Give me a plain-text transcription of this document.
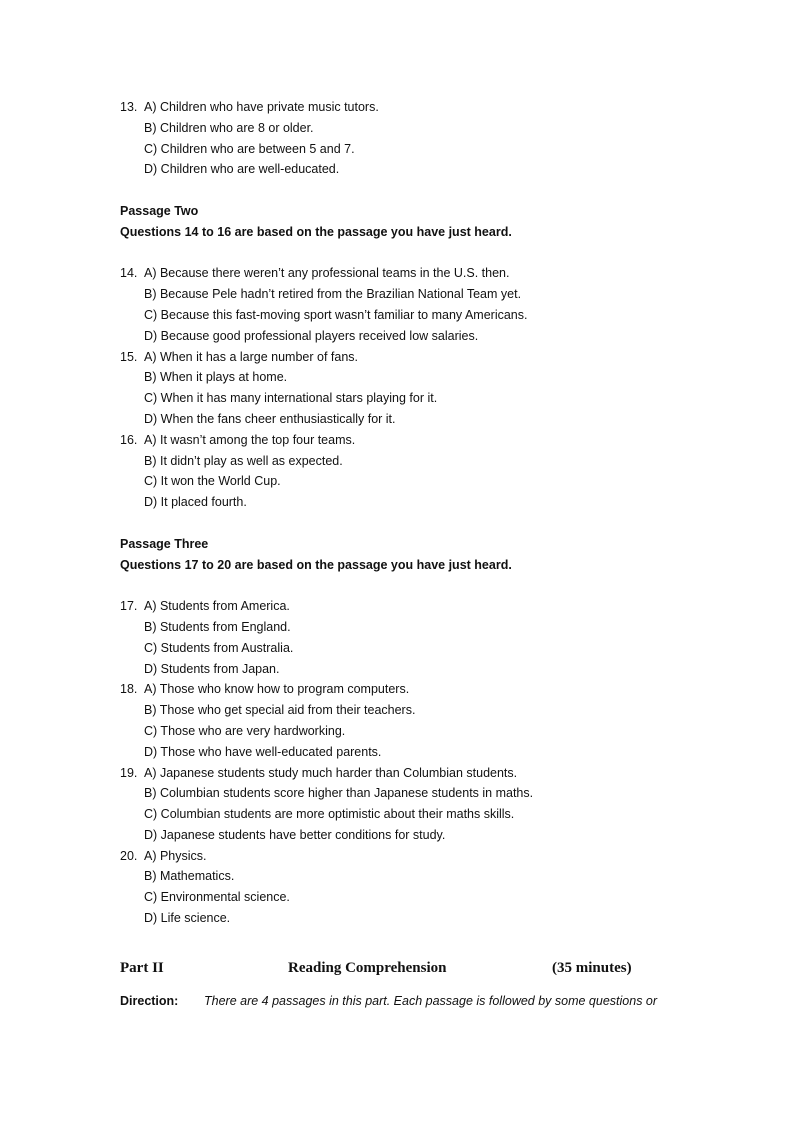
13. A) Children who have private music tutors.
B) Children who are 8 or older.
C) Children who are between 5 and 7.
D) Children who are well-educated.
Passage Two
Questions 14 to 16 are based on the passage you have just heard.
14. A) Because there weren’t any professional teams in the U.S. then.
B) Because Pele hadn’t retired from the Brazilian National Team yet.
C) Because this fast-moving sport wasn’t familiar to many Americans.
D) Because good professional players received low salaries.
15. A) When it has a large number of fans.
B) When it plays at home.
C) When it has many international stars playing for it.
D) When the fans cheer enthusiastically for it.
16. A) It wasn’t among the top four teams.
B) It didn’t play as well as expected.
C) It won the World Cup.
D) It placed fourth.
Passage Three
Questions 17 to 20 are based on the passage you have just heard.
17. A) Students from America.
B) Students from England.
C) Students from Australia.
D) Students from Japan.
18. A) Those who know how to program computers.
B) Those who get special aid from their teachers.
C) Those who are very hardworking.
D) Those who have well-educated parents.
19. A) Japanese students study much harder than Columbian students.
B) Columbian students score higher than Japanese students in maths.
C) Columbian students are more optimistic about their maths skills.
D) Japanese students have better conditions for study.
20. A) Physics.
B) Mathematics.
C) Environmental science.
D) Life science.
Part II	Reading Comprehension	(35 minutes)
Direction: There are 4 passages in this part. Each passage is followed by some questions or
